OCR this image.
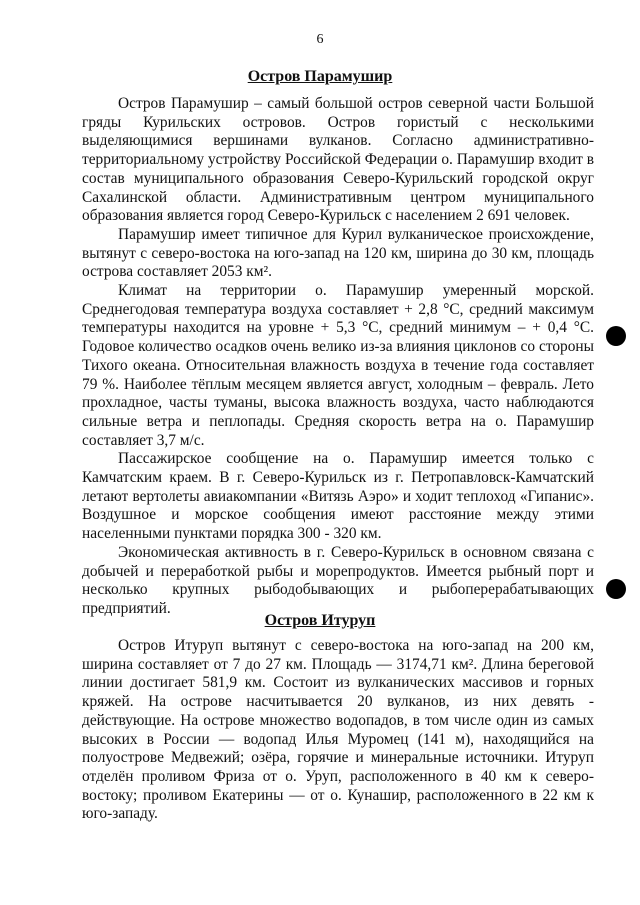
6
Остров Парамушир

Остров Парамушир – самый большой остров северной части Большой гряды Курильских островов. Остров гористый с несколькими выделяющимися вершинами вулканов. Согласно административно-территориальному устройству Российской Федерации о. Парамушир входит в состав муниципального образования Северо-Курильский городской округ Сахалинской области. Административным центром муниципального образования является город Северо-Курильск с населением 2 691 человек.

Парамушир имеет типичное для Курил вулканическое происхождение, вытянут с северо-востока на юго-запад на 120 км, ширина до 30 км, площадь острова составляет 2053 км².

Климат на территории о. Парамушир умеренный морской. Среднегодовая температура воздуха составляет + 2,8 °С, средний максимум температуры находится на уровне + 5,3 °С, средний минимум – + 0,4 °С. Годовое количество осадков очень велико из-за влияния циклонов со стороны Тихого океана. Относительная влажность воздуха в течение года составляет 79 %. Наиболее тёплым месяцем является август, холодным – февраль. Лето прохладное, часты туманы, высока влажность воздуха, часто наблюдаются сильные ветра и пеплопады. Средняя скорость ветра на о. Парамушир составляет 3,7 м/с.

Пассажирское сообщение на о. Парамушир имеется только с Камчатским краем. В г. Северо-Курильск из г. Петропавловск-Камчатский летают вертолеты авиакомпании «Витязь Аэро» и ходит теплоход «Гипанис». Воздушное и морское сообщения имеют расстояние между этими населенными пунктами порядка 300 - 320 км.

Экономическая активность в г. Северо-Курильск в основном связана с добычей и переработкой рыбы и морепродуктов. Имеется рыбный порт и несколько крупных рыбодобывающих и рыбоперерабатывающих предприятий.

Остров Итуруп

Остров Итуруп вытянут с северо-востока на юго-запад на 200 км, ширина составляет от 7 до 27 км. Площадь — 3174,71 км². Длина береговой линии достигает 581,9 км. Состоит из вулканических массивов и горных кряжей. На острове насчитывается 20 вулканов, из них девять - действующие. На острове множество водопадов, в том числе один из самых высоких в России — водопад Илья Муромец (141 м), находящийся на полуострове Медвежий; озёра, горячие и минеральные источники. Итуруп отделён проливом Фриза от о. Уруп, расположенного в 40 км к северо-востоку; проливом Екатерины — от о. Кунашир, расположенного в 22 км к юго-западу.
